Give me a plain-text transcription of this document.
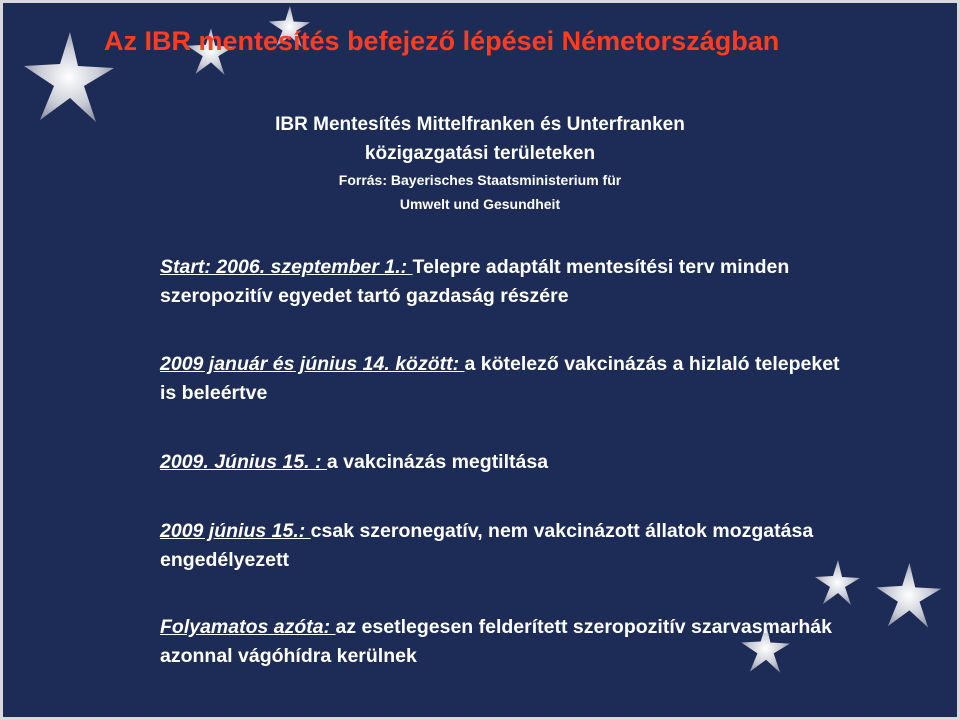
Az IBR mentesítés befejező lépései Németországban
IBR Mentesítés Mittelfranken és Unterfranken
közigazgatási területeken
Forrás: Bayerisches Staatsministerium für
Umwelt und Gesundheit
Start: 2006. szeptember 1.: Telepre adaptált mentesítési terv minden szeropozitív egyedet tartó gazdaság részére
2009 január és június 14. között: a kötelező vakcinázás a hizlaló telepeket is beleértve
2009. Június 15. : a vakcinázás megtiltása
2009 június 15.: csak szeronegatív, nem vakcinázott állatok mozgatása engedélyezett
Folyamatos azóta: az esetlegesen felderített szeropozitív szarvasmarhák azonnal vágóhídra kerülnek
